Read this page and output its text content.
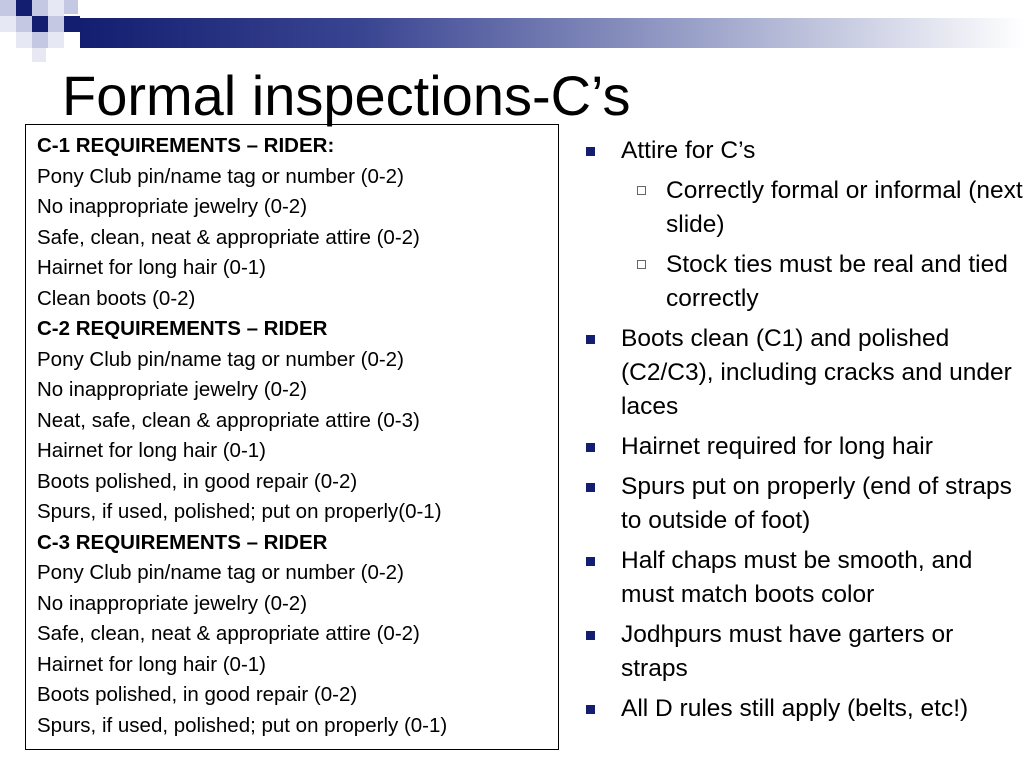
Formal inspections-C’s
C-1 REQUIREMENTS – RIDER:
Pony Club pin/name tag or number (0-2)
No inappropriate jewelry (0-2)
Safe, clean, neat & appropriate attire (0-2)
Hairnet for long hair (0-1)
Clean boots (0-2)
C-2 REQUIREMENTS – RIDER
Pony Club pin/name tag or number (0-2)
No inappropriate jewelry (0-2)
Neat, safe, clean & appropriate attire (0-3)
Hairnet for long hair (0-1)
Boots polished, in good repair (0-2)
Spurs, if used, polished; put on properly(0-1)
C-3 REQUIREMENTS – RIDER
Pony Club pin/name tag or number (0-2)
No inappropriate jewelry (0-2)
Safe, clean, neat & appropriate attire (0-2)
Hairnet for long hair (0-1)
Boots polished, in good repair (0-2)
Spurs, if used, polished; put on properly (0-1)
Attire for C’s
Correctly formal or informal (next slide)
Stock ties must be real and tied correctly
Boots clean (C1) and polished (C2/C3), including cracks and under laces
Hairnet required for long hair
Spurs put on properly (end of straps to outside of foot)
Half chaps must be smooth, and must match boots color
Jodhpurs must have garters or straps
All D rules still apply (belts, etc!)
